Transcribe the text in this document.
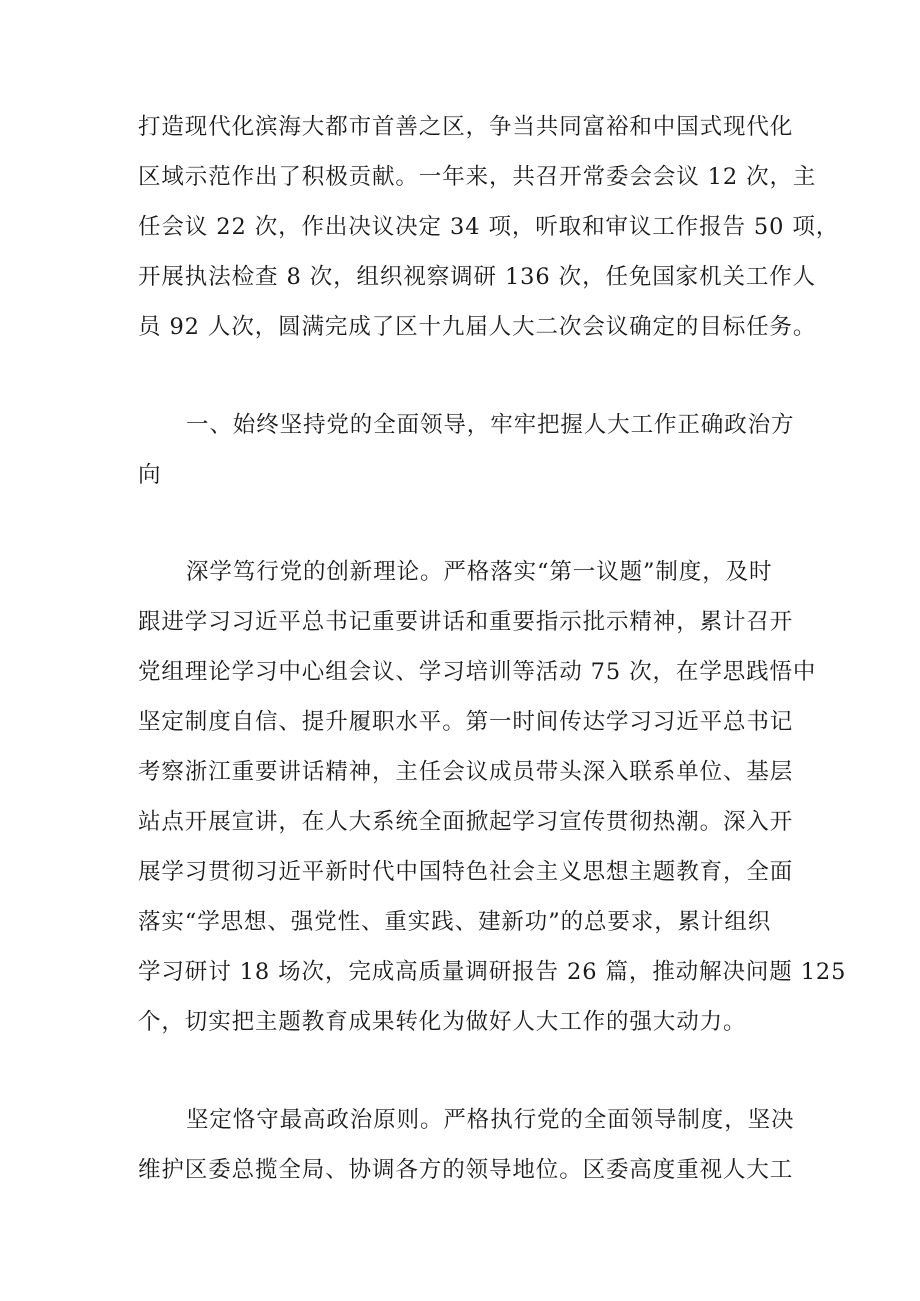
打造现代化滨海大都市首善之区，争当共同富裕和中国式现代化
区域示范作出了积极贡献。一年来，共召开常委会会议 12 次，主
任会议 22 次，作出决议决定 34 项，听取和审议工作报告 50 项，
开展执法检查 8 次，组织视察调研 136 次，任免国家机关工作人
员 92 人次，圆满完成了区十九届人大二次会议确定的目标任务。
一、始终坚持党的全面领导，牢牢把握人大工作正确政治方
向
深学笃行党的创新理论。严格落实“第一议题”制度，及时
跟进学习习近平总书记重要讲话和重要指示批示精神，累计召开
党组理论学习中心组会议、学习培训等活动 75 次，在学思践悟中
坚定制度自信、提升履职水平。第一时间传达学习习近平总书记
考察浙江重要讲话精神，主任会议成员带头深入联系单位、基层
站点开展宣讲，在人大系统全面掀起学习宣传贯彻热潮。深入开
展学习贯彻习近平新时代中国特色社会主义思想主题教育，全面
落实“学思想、强党性、重实践、建新功”的总要求，累计组织
学习研讨 18 场次，完成高质量调研报告 26 篇，推动解决问题 125
个，切实把主题教育成果转化为做好人大工作的强大动力。
坚定恪守最高政治原则。严格执行党的全面领导制度，坚决
维护区委总揽全局、协调各方的领导地位。区委高度重视人大工
